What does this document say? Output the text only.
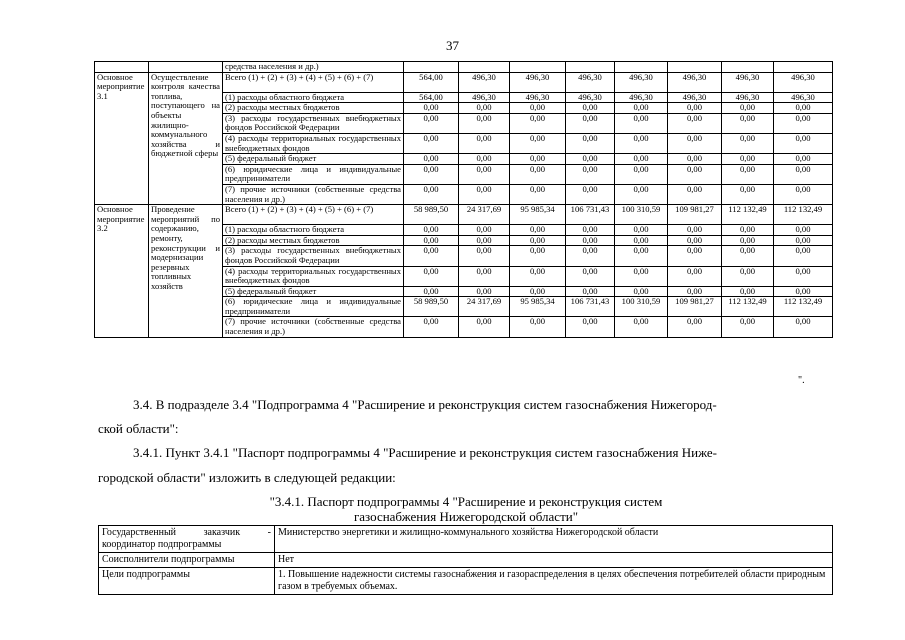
37
		средства населения и др.)								
Основное мероприятие 3.1	Осуществление контроля качества топлива, поступающего на объекты жилищно-коммунального хозяйства и бюджетной сферы	Всего (1) + (2) + (3) + (4) + (5) + (6) + (7)	564,00	496,30	496,30	496,30	496,30	496,30	496,30	496,30
		(1) расходы областного бюджета	564,00	496,30	496,30	496,30	496,30	496,30	496,30	496,30
		(2) расходы местных бюджетов	0,00	0,00	0,00	0,00	0,00	0,00	0,00	0,00
		(3) расходы государственных внебюджетных фондов Российской Федерации	0,00	0,00	0,00	0,00	0,00	0,00	0,00	0,00
		(4) расходы территориальных государственных внебюджетных фондов	0,00	0,00	0,00	0,00	0,00	0,00	0,00	0,00
		(5) федеральный бюджет	0,00	0,00	0,00	0,00	0,00	0,00	0,00	0,00
		(6) юридические лица и индивидуальные предприниматели	0,00	0,00	0,00	0,00	0,00	0,00	0,00	0,00
		(7) прочие источники (собственные средства населения и др.)	0,00	0,00	0,00	0,00	0,00	0,00	0,00	0,00
Основное мероприятие 3.2	Проведение мероприятий по содержанию, ремонту, реконструкции и модернизации резервных топливных хозяйств	Всего (1) + (2) + (3) + (4) + (5) + (6) + (7)	58 989,50	24 317,69	95 985,34	106 731,43	100 310,59	109 981,27	112 132,49	112 132,49
		(1) расходы областного бюджета	0,00	0,00	0,00	0,00	0,00	0,00	0,00	0,00
		(2) расходы местных бюджетов	0,00	0,00	0,00	0,00	0,00	0,00	0,00	0,00
		(3) расходы государственных внебюджетных фондов Российской Федерации	0,00	0,00	0,00	0,00	0,00	0,00	0,00	0,00
		(4) расходы территориальных государственных внебюджетных фондов	0,00	0,00	0,00	0,00	0,00	0,00	0,00	0,00
		(5) федеральный бюджет	0,00	0,00	0,00	0,00	0,00	0,00	0,00	0,00
		(6) юридические лица и индивидуальные предприниматели	58 989,50	24 317,69	95 985,34	106 731,43	100 310,59	109 981,27	112 132,49	112 132,49
		(7) прочие источники (собственные средства населения и др.)	0,00	0,00	0,00	0,00	0,00	0,00	0,00	0,00
".
3.4. В подразделе 3.4 "Подпрограмма 4 "Расширение и реконструкция систем газоснабжения Нижегород-
ской области":
3.4.1. Пункт 3.4.1 "Паспорт подпрограммы 4 "Расширение и реконструкция систем газоснабжения Ниже-
городской области" изложить в следующей редакции:
"3.4.1. Паспорт подпрограммы 4 "Расширение и реконструкция систем
газоснабжения Нижегородской области"
Государственный заказчик - координатор подпрограммы	Министерство энергетики и жилищно-коммунального хозяйства Нижегородской области
Соисполнители подпрограммы	Нет
Цели подпрограммы	1. Повышение надежности системы газоснабжения и газораспределения в целях обеспечения потребителей области природным газом в требуемых объемах.
